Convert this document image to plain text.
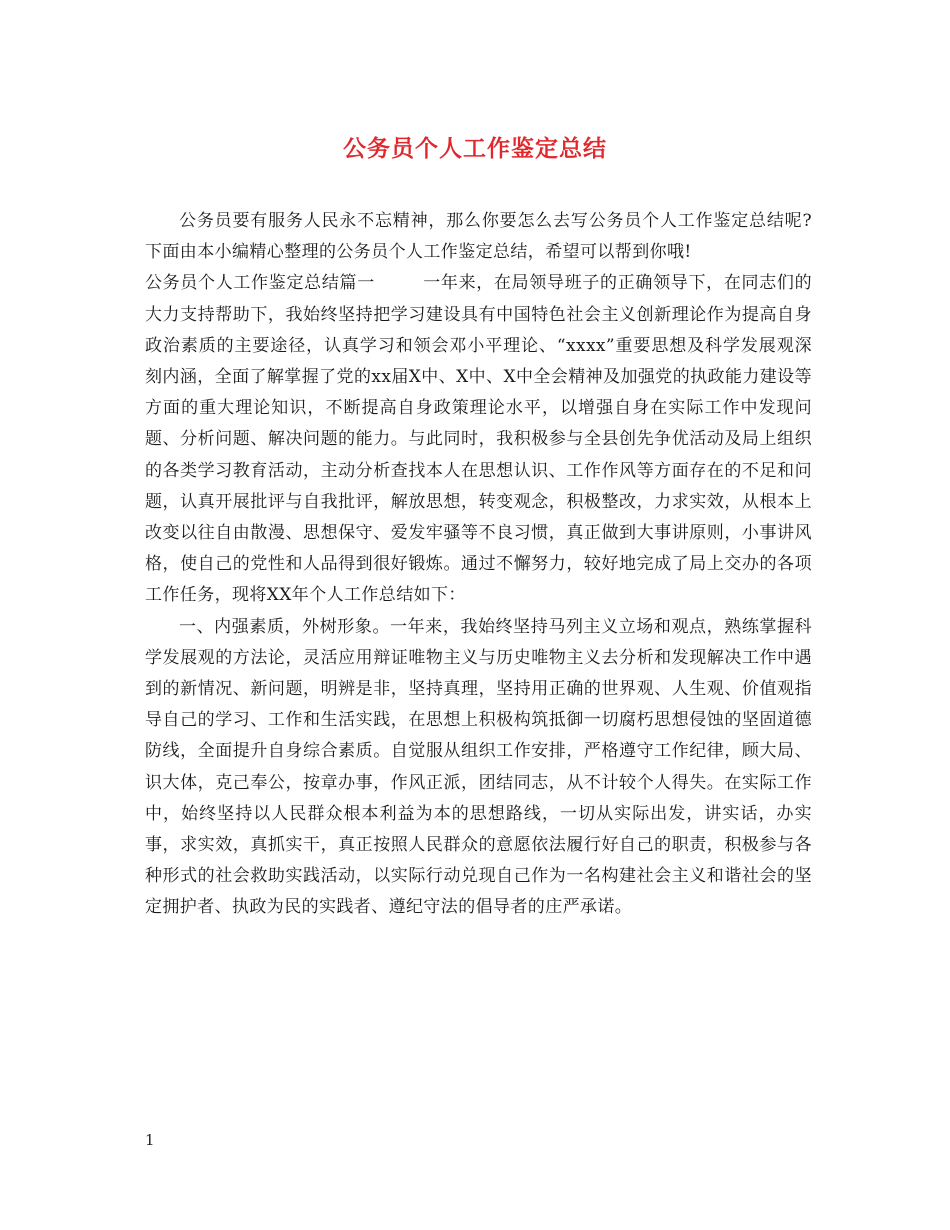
公务员个人工作鉴定总结

公务员要有服务人民永不忘精神，那么你要怎么去写公务员个人工作鉴定总结呢?下面由本小编精心整理的公务员个人工作鉴定总结，希望可以帮到你哦!

公务员个人工作鉴定总结篇一	一年来，在局领导班子的正确领导下，在同志们的大力支持帮助下，我始终坚持把学习建设具有中国特色社会主义创新理论作为提高自身政治素质的主要途径，认真学习和领会邓小平理论、“xxxx”重要思想及科学发展观深刻内涵，全面了解掌握了党的xx届X中、X中、X中全会精神及加强党的执政能力建设等方面的重大理论知识，不断提高自身政策理论水平，以增强自身在实际工作中发现问题、分析问题、解决问题的能力。与此同时，我积极参与全县创先争优活动及局上组织的各类学习教育活动，主动分析查找本人在思想认识、工作作风等方面存在的不足和问题，认真开展批评与自我批评，解放思想，转变观念，积极整改，力求实效，从根本上改变以往自由散漫、思想保守、爱发牢骚等不良习惯，真正做到大事讲原则，小事讲风格，使自己的党性和人品得到很好锻炼。通过不懈努力，较好地完成了局上交办的各项工作任务，现将XX年个人工作总结如下：

一、内强素质，外树形象。一年来，我始终坚持马列主义立场和观点，熟练掌握科学发展观的方法论，灵活应用辩证唯物主义与历史唯物主义去分析和发现解决工作中遇到的新情况、新问题，明辨是非，坚持真理，坚持用正确的世界观、人生观、价值观指导自己的学习、工作和生活实践，在思想上积极构筑抵御一切腐朽思想侵蚀的坚固道德防线，全面提升自身综合素质。自觉服从组织工作安排，严格遵守工作纪律，顾大局、识大体，克己奉公，按章办事，作风正派，团结同志，从不计较个人得失。在实际工作中，始终坚持以人民群众根本利益为本的思想路线，一切从实际出发，讲实话，办实事，求实效，真抓实干，真正按照人民群众的意愿依法履行好自己的职责，积极参与各种形式的社会救助实践活动，以实际行动兑现自己作为一名构建社会主义和谐社会的坚定拥护者、执政为民的实践者、遵纪守法的倡导者的庄严承诺。

1
